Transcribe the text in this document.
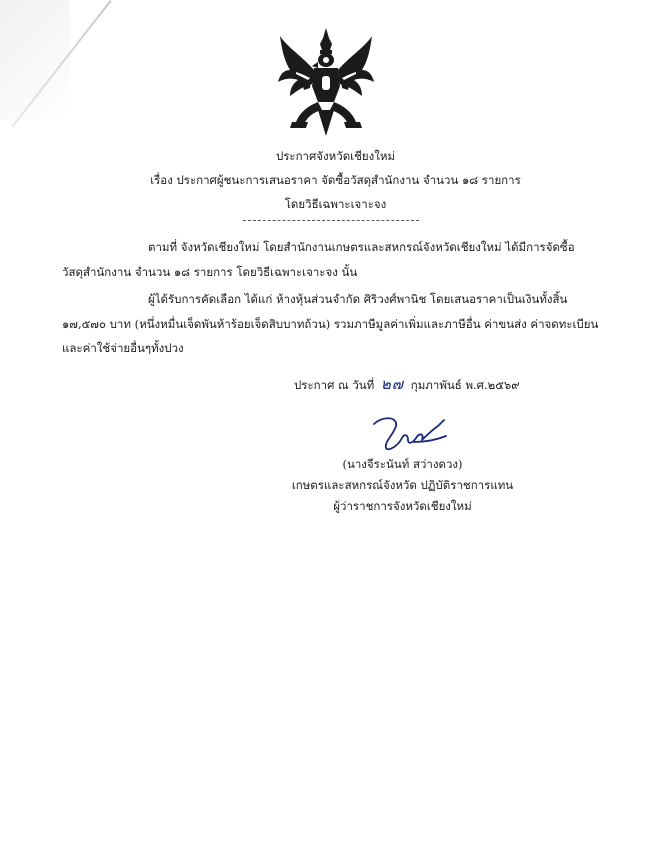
ประกาศจังหวัดเชียงใหม่
เรื่อง ประกาศผู้ชนะการเสนอราคา จัดซื้อวัสดุสำนักงาน จำนวน ๑๘ รายการ
โดยวิธีเฉพาะเจาะจง
ตามที่ จังหวัดเชียงใหม่ โดยสำนักงานเกษตรและสหกรณ์จังหวัดเชียงใหม่ ได้มีการจัดซื้อ
วัสดุสำนักงาน จำนวน ๑๘ รายการ โดยวิธีเฉพาะเจาะจง นั้น
ผู้ได้รับการคัดเลือก ได้แก่ ห้างหุ้นส่วนจำกัด ศิริวงศ์พานิช โดยเสนอราคาเป็นเงินทั้งสิ้น
๑๗,๕๗๐ บาท (หนึ่งหมื่นเจ็ดพันห้าร้อยเจ็ดสิบบาทถ้วน) รวมภาษีมูลค่าเพิ่มและภาษีอื่น ค่าขนส่ง ค่าจดทะเบียน
และค่าใช้จ่ายอื่นๆทั้งปวง
ประกาศ ณ วันที่ ๒๗ กุมภาพันธ์ พ.ศ.๒๕๖๙
(นางจีระนันท์ สว่างดวง)
เกษตรและสหกรณ์จังหวัด ปฏิบัติราชการแทน
ผู้ว่าราชการจังหวัดเชียงใหม่
